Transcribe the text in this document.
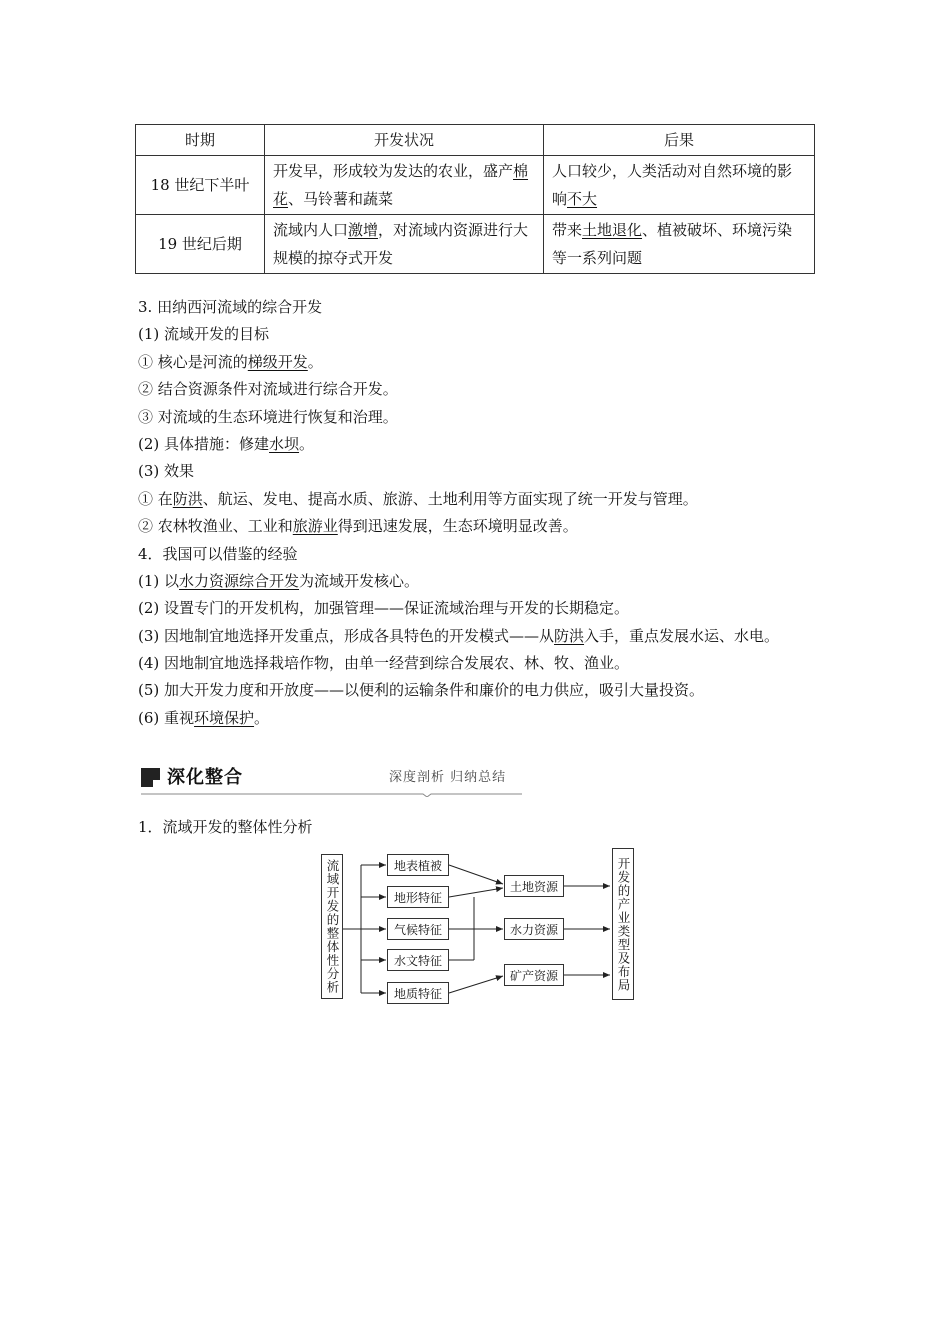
时期	开发状况	后果
18 世纪下半叶	开发早，形成较为发达的农业，盛产棉花、马铃薯和蔬菜	人口较少，人类活动对自然环境的影响不大
19 世纪后期	流域内人口激增，对流域内资源进行大规模的掠夺式开发	带来土地退化、植被破坏、环境污染等一系列问题
3. 田纳西河流域的综合开发
(1) 流域开发的目标
① 核心是河流的梯级开发。
② 结合资源条件对流域进行综合开发。
③ 对流域的生态环境进行恢复和治理。
(2) 具体措施：修建水坝。
(3) 效果
① 在防洪、航运、发电、提高水质、旅游、土地利用等方面实现了统一开发与管理。
② 农林牧渔业、工业和旅游业得到迅速发展，生态环境明显改善。
4．我国可以借鉴的经验
(1) 以水力资源综合开发为流域开发核心。
(2) 设置专门的开发机构，加强管理——保证流域治理与开发的长期稳定。
(3) 因地制宜地选择开发重点，形成各具特色的开发模式——从防洪入手，重点发展水运、水电。
(4) 因地制宜地选择栽培作物，由单一经营到综合发展农、林、牧、渔业。
(5) 加大开发力度和开放度——以便利的运输条件和廉价的电力供应，吸引大量投资。
(6) 重视环境保护。
深化整合	深度剖析 归纳总结
1．流域开发的整体性分析
流域开发的整体性分析	地表植被
地形特征
气候特征
水文特征
地质特征
土地资源
水力资源
矿产资源	开发的产业类型及布局
